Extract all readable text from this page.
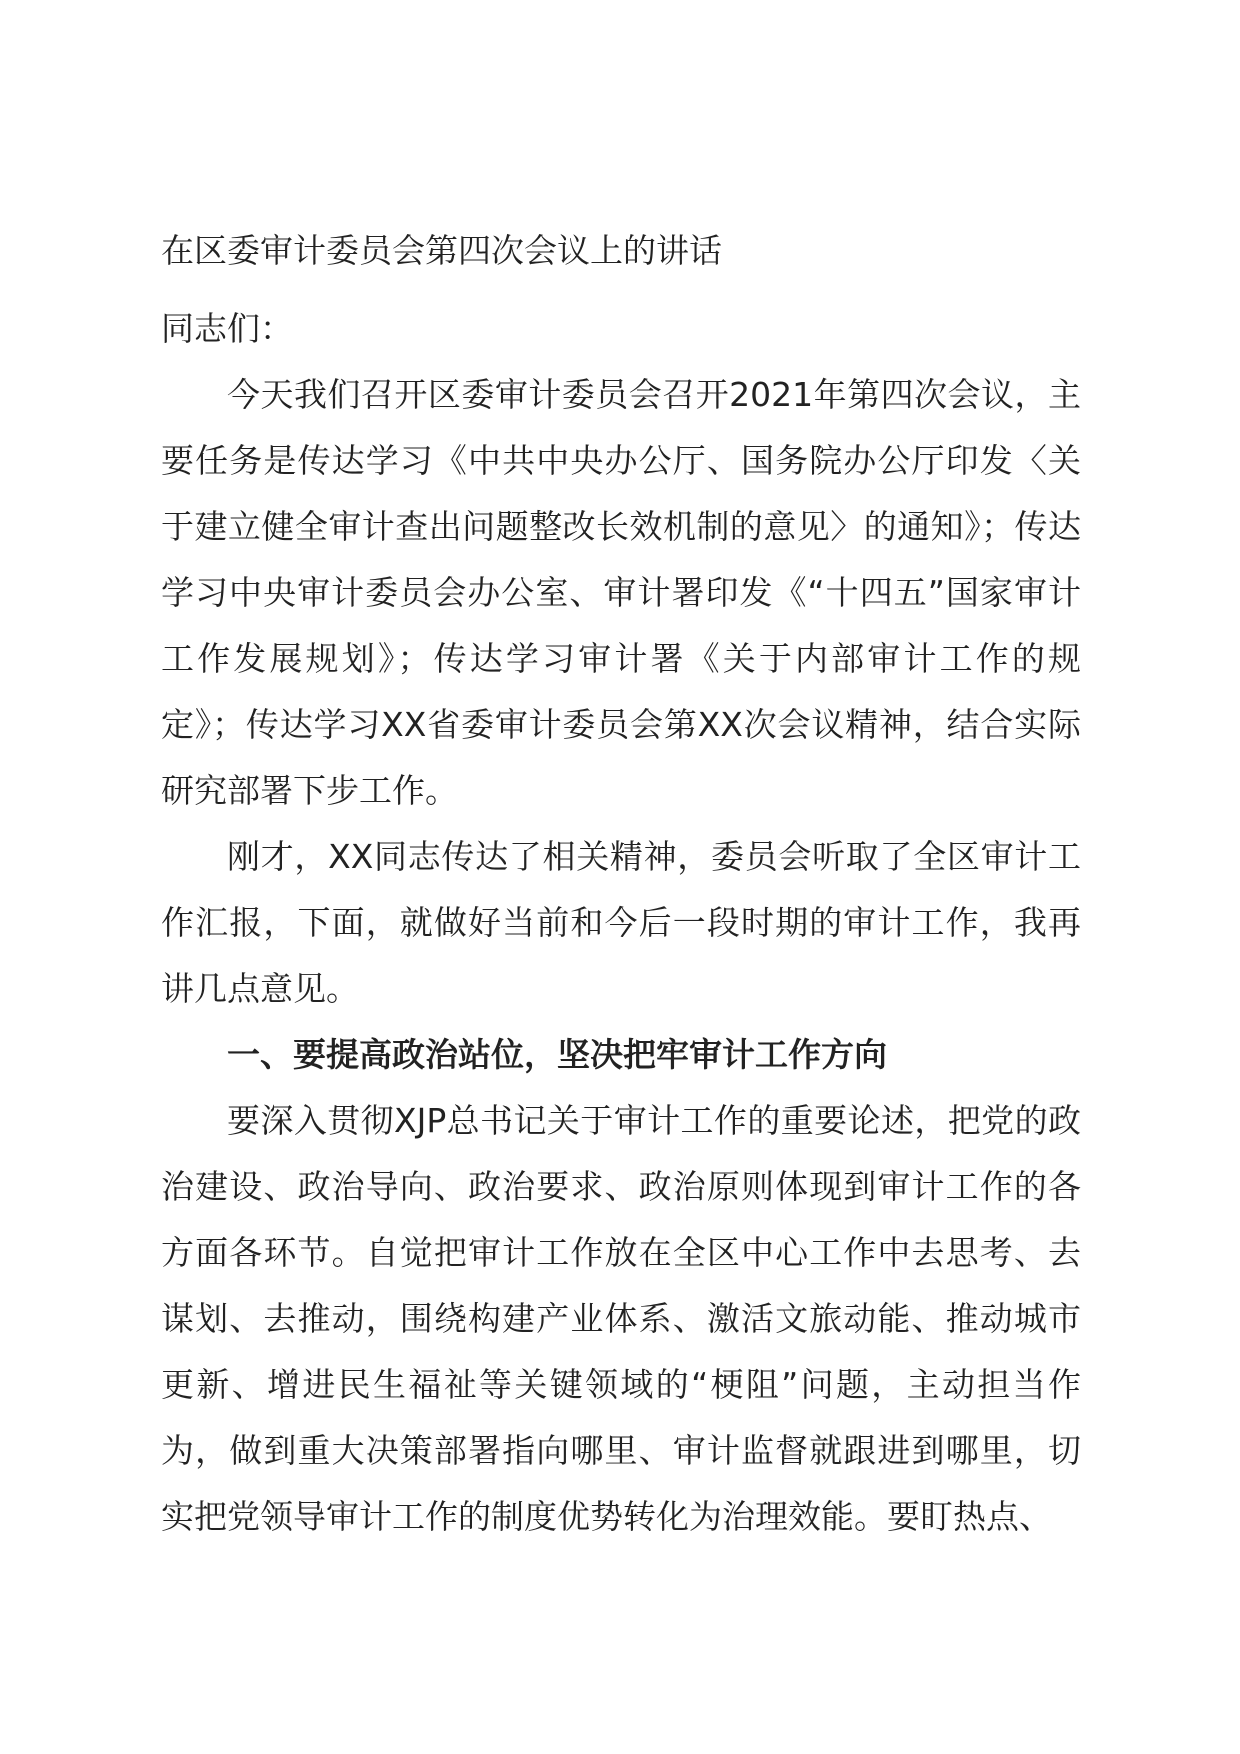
在区委审计委员会第四次会议上的讲话

同志们：

今天我们召开区委审计委员会召开2021年第四次会议，主要任务是传达学习《中共中央办公厅、国务院办公厅印发〈关于建立健全审计查出问题整改长效机制的意见〉的通知》；传达学习中央审计委员会办公室、审计署印发《“十四五”国家审计工作发展规划》；传达学习审计署《关于内部审计工作的规定》；传达学习XX省委审计委员会第XX次会议精神，结合实际研究部署下步工作。

刚才，XX同志传达了相关精神，委员会听取了全区审计工作汇报，下面，就做好当前和今后一段时期的审计工作，我再讲几点意见。

一、要提高政治站位，坚决把牢审计工作方向

要深入贯彻XJP总书记关于审计工作的重要论述，把党的政治建设、政治导向、政治要求、政治原则体现到审计工作的各方面各环节。自觉把审计工作放在全区中心工作中去思考、去谋划、去推动，围绕构建产业体系、激活文旅动能、推动城市更新、增进民生福祉等关键领域的“梗阻”问题，主动担当作为，做到重大决策部署指向哪里、审计监督就跟进到哪里，切实把党领导审计工作的制度优势转化为治理效能。要盯热点、
